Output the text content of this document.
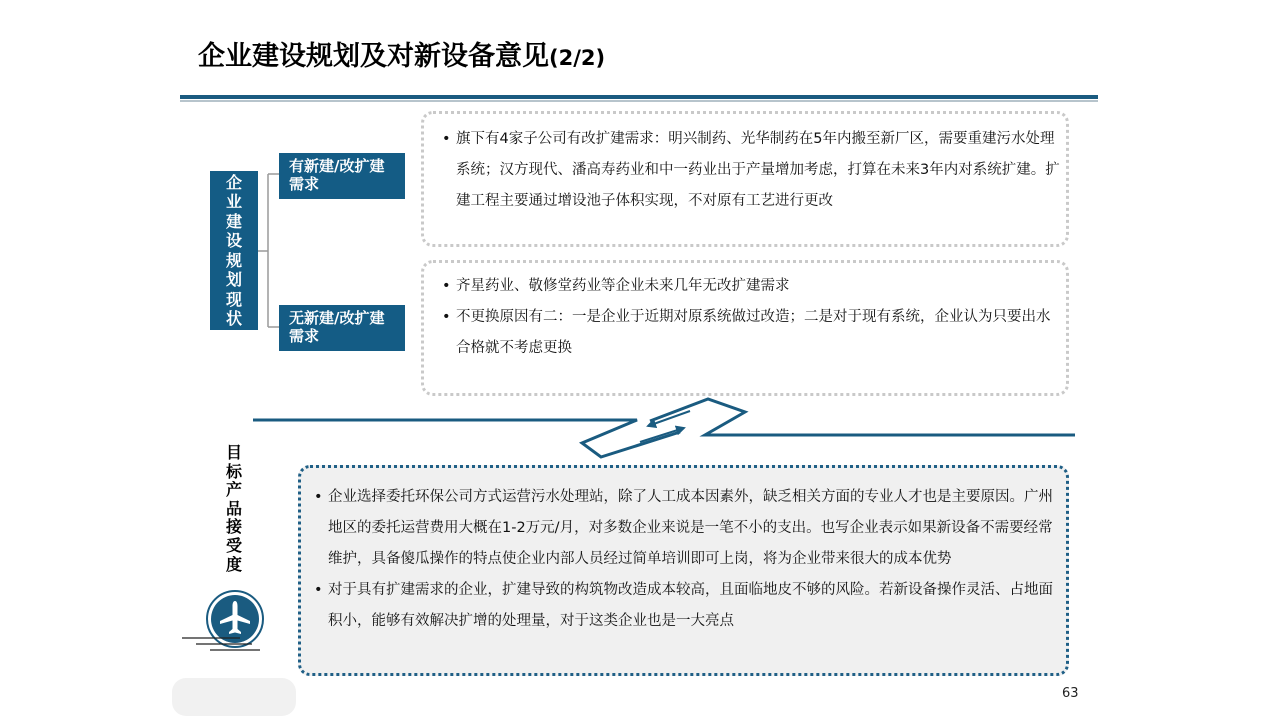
企业建设规划及对新设备意见(2/2)
企
业
建
设
规
划
现
状
有新建/改扩建需求
无新建/改扩建需求
• 旗下有4家子公司有改扩建需求：明兴制药、光华制药在5年内搬至新厂区，需要重建污水处理系统；汉方现代、潘高寿药业和中一药业出于产量增加考虑，打算在未来3年内对系统扩建。扩建工程主要通过增设池子体积实现，不对原有工艺进行更改
• 齐星药业、敬修堂药业等企业未来几年无改扩建需求
• 不更换原因有二：一是企业于近期对原系统做过改造；二是对于现有系统，企业认为只要出水合格就不考虑更换
目
标
产
品
接
受
度
• 企业选择委托环保公司方式运营污水处理站，除了人工成本因素外，缺乏相关方面的专业人才也是主要原因。广州地区的委托运营费用大概在1-2万元/月，对多数企业来说是一笔不小的支出。也写企业表示如果新设备不需要经常维护，具备傻瓜操作的特点使企业内部人员经过简单培训即可上岗，将为企业带来很大的成本优势
• 对于具有扩建需求的企业，扩建导致的构筑物改造成本较高，且面临地皮不够的风险。若新设备操作灵活、占地面积小，能够有效解决扩增的处理量，对于这类企业也是一大亮点
63
